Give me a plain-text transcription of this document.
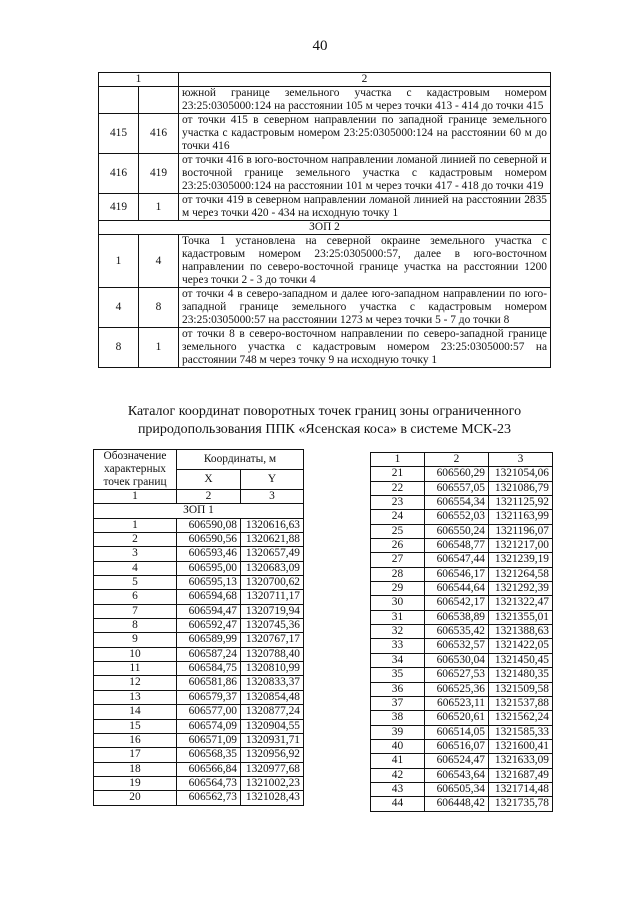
40
1		2
		южной границе земельного участка с кадастровым номером 23:25:0305000:124 на расстоянии 105 м через точки 413 - 414 до точки 415
415	416	от точки 415 в северном направлении по западной границе земельного участка с кадастровым номером 23:25:0305000:124 на расстоянии 60 м до точки 416
416	419	от точки 416 в юго-восточном направлении ломаной линией по северной и восточной границе земельного участка с кадастровым номером 23:25:0305000:124 на расстоянии 101 м через точки 417 - 418 до точки 419
419	1	от точки 419 в северном направлении ломаной линией на расстоянии 2835 м через точки 420 - 434 на исходную точку 1
ЗОП 2		
1	4	Точка 1 установлена на северной окраине земельного участка с кадастровым номером 23:25:0305000:57, далее в юго-восточном направлении по северо-восточной границе участка на расстоянии 1200 через точки 2 - 3 до точки 4
4	8	от точки 4 в северо-западном и далее юго-западном направлении по юго-западной границе земельного участка с кадастровым номером 23:25:0305000:57 на расстоянии 1273 м через точки 5 - 7 до точки 8
8	1	от точки 8 в северо-восточном направлении по северо-западной границе земельного участка с кадастровым номером 23:25:0305000:57 на расстоянии 748 м через точку 9 на исходную точку 1
Каталог координат поворотных точек границ зоны ограниченного
природопользования ППК «Ясенская коса» в системе МСК-23
Обозначение характерных точек границ	Координаты, м	
	X	Y
1	2	3
ЗОП 1		
1	606590,08	1320616,63
2	606590,56	1320621,88
3	606593,46	1320657,49
4	606595,00	1320683,09
5	606595,13	1320700,62
6	606594,68	1320711,17
7	606594,47	1320719,94
8	606592,47	1320745,36
9	606589,99	1320767,17
10	606587,24	1320788,40
11	606584,75	1320810,99
12	606581,86	1320833,37
13	606579,37	1320854,48
14	606577,00	1320877,24
15	606574,09	1320904,55
16	606571,09	1320931,71
17	606568,35	1320956,92
18	606566,84	1320977,68
19	606564,73	1321002,23
20	606562,73	1321028,43
1	2	3
21	606560,29	1321054,06
22	606557,05	1321086,79
23	606554,34	1321125,92
24	606552,03	1321163,99
25	606550,24	1321196,07
26	606548,77	1321217,00
27	606547,44	1321239,19
28	606546,17	1321264,58
29	606544,64	1321292,39
30	606542,17	1321322,47
31	606538,89	1321355,01
32	606535,42	1321388,63
33	606532,57	1321422,05
34	606530,04	1321450,45
35	606527,53	1321480,35
36	606525,36	1321509,58
37	606523,11	1321537,88
38	606520,61	1321562,24
39	606514,05	1321585,33
40	606516,07	1321600,41
41	606524,47	1321633,09
42	606543,64	1321687,49
43	606505,34	1321714,48
44	606448,42	1321735,78
